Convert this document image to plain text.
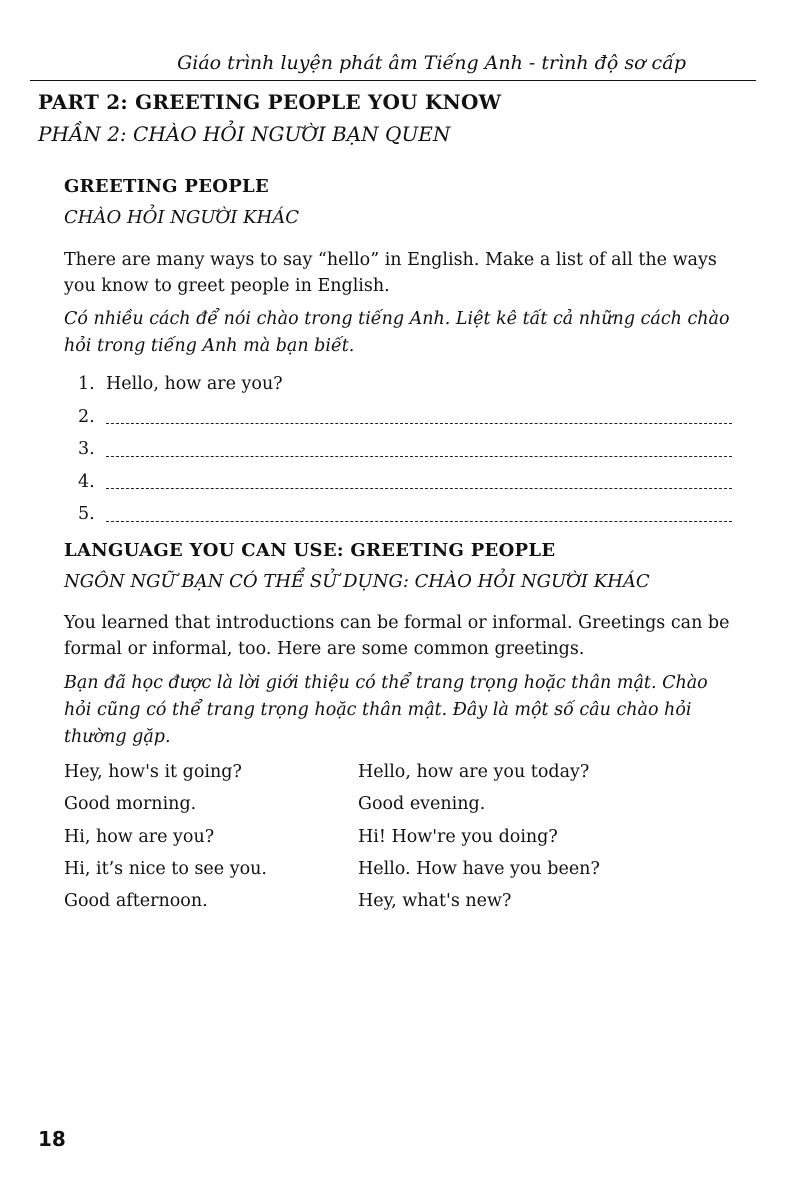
Giáo trình luyện phát âm Tiếng Anh - trình độ sơ cấp
PART 2: GREETING PEOPLE YOU KNOW
PHẦN 2: CHÀO HỎI NGƯỜI BẠN QUEN
GREETING PEOPLE
CHÀO HỎI NGƯỜI KHÁC

There are many ways to say “hello” in English. Make a list of all the ways you know to greet people in English.

Có nhiều cách để nói chào trong tiếng Anh. Liệt kê tất cả những cách chào hỏi trong tiếng Anh mà bạn biết.

1. Hello, how are you?
2.
3.
4.
5.
LANGUAGE YOU CAN USE: GREETING PEOPLE
NGÔN NGỮ BẠN CÓ THỂ SỬ DỤNG: CHÀO HỎI NGƯỜI KHÁC

You learned that introductions can be formal or informal. Greetings can be formal or informal, too. Here are some common greetings.

Bạn đã học được là lời giới thiệu có thể trang trọng hoặc thân mật. Chào hỏi cũng có thể trang trọng hoặc thân mật. Đây là một số câu chào hỏi thường gặp.

Hey, how's it going?
Good morning.
Hi, how are you?
Hi, it’s nice to see you.
Good afternoon.
Hello, how are you today?
Good evening.
Hi! How're you doing?
Hello. How have you been?
Hey, what's new?
18
